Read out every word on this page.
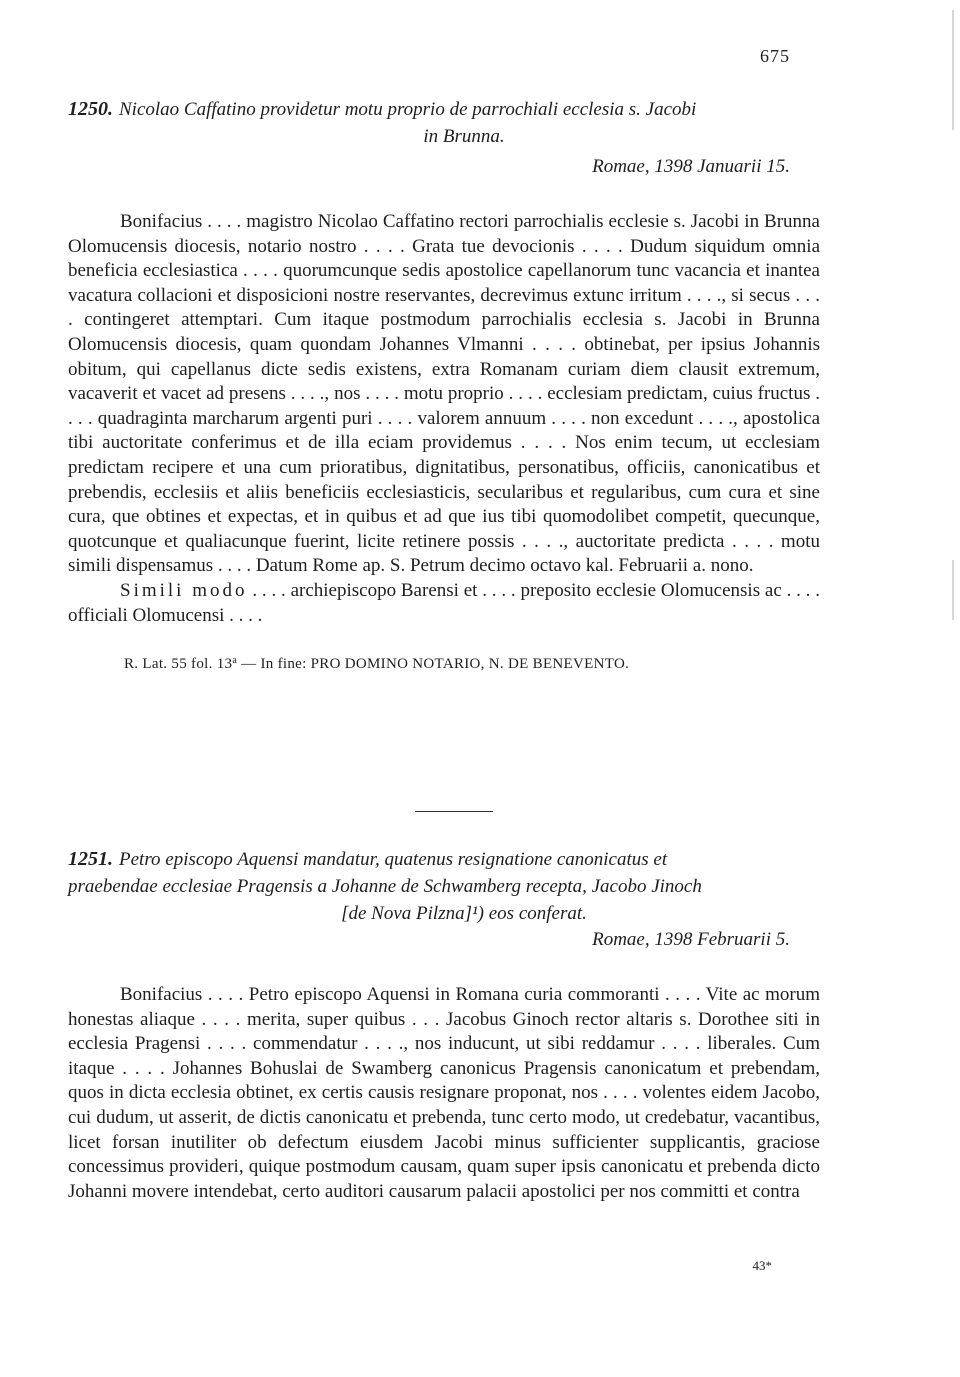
675
1250. Nicolao Caffatino providetur motu proprio de parrochiali ecclesia s. Jacobi
in Brunna.
Romae, 1398 Januarii 15.

Bonifacius . . . . magistro Nicolao Caffatino rectori parrochialis ecclesie s. Jacobi in Brunna Olomucensis diocesis, notario nostro . . . . Grata tue devocionis . . . . Dudum siquidum omnia beneficia ecclesiastica . . . . quorumcunque sedis apostolice capellanorum tunc vacancia et inantea vacatura collacioni et disposicioni nostre reservantes, decrevimus extunc irritum . . . ., si secus . . . . contingeret attemptari. Cum itaque postmodum parrochialis ecclesia s. Jacobi in Brunna Olomucensis diocesis, quam quondam Johannes Vlmanni . . . . obtinebat, per ipsius Johannis obitum, qui capellanus dicte sedis existens, extra Romanam curiam diem clausit extremum, vacaverit et vacet ad presens . . . ., nos . . . . motu proprio . . . . ecclesiam predictam, cuius fructus . . . . quadraginta marcharum argenti puri . . . . valorem annuum . . . . non excedunt . . . ., apostolica tibi auctoritate conferimus et de illa eciam providemus . . . . Nos enim tecum, ut ecclesiam predictam recipere et una cum prioratibus, dignitatibus, personatibus, officiis, canonicatibus et prebendis, ecclesiis et aliis beneficiis ecclesiasticis, secularibus et regularibus, cum cura et sine cura, que obtines et expectas, et in quibus et ad que ius tibi quomodolibet competit, quecunque, quotcunque et qualiacunque fuerint, licite retinere possis . . . ., auctoritate predicta . . . . motu simili dispensamus . . . . Datum Rome ap. S. Petrum decimo octavo kal. Februarii a. nono.

Simili modo . . . . archiepiscopo Barensi et . . . . preposito ecclesie Olomucensis ac . . . . officiali Olomucensi . . . .

R. Lat. 55 fol. 13$^a$ — In fine: PRO DOMINO NOTARIO, N. DE BENEVENTO.
1251. Petro episcopo Aquensi mandatur, quatenus resignatione canonicatus et
praebendae ecclesiae Pragensis a Johanne de Schwamberg recepta, Jacobo Jinoch
[de Nova Pilzna]¹) eos conferat.
Romae, 1398 Februarii 5.

Bonifacius . . . . Petro episcopo Aquensi in Romana curia commoranti . . . . Vite ac morum honestas aliaque . . . . merita, super quibus . . . Jacobus Ginoch rector altaris s. Dorothee siti in ecclesia Pragensi . . . . commendatur . . . ., nos inducunt, ut sibi reddamur . . . . liberales. Cum itaque . . . . Johannes Bohuslai de Swamberg canonicus Pragensis canonicatum et prebendam, quos in dicta ecclesia obtinet, ex certis causis resignare proponat, nos . . . . volentes eidem Jacobo, cui dudum, ut asserit, de dictis canonicatu et prebenda, tunc certo modo, ut credebatur, vacantibus, licet forsan inutiliter ob defectum eiusdem Jacobi minus sufficienter supplicantis, graciose concessimus provideri, quique postmodum causam, quam super ipsis canonicatu et prebenda dicto Johanni movere intendebat, certo auditori causarum palacii apostolici per nos committi et contra

43*
